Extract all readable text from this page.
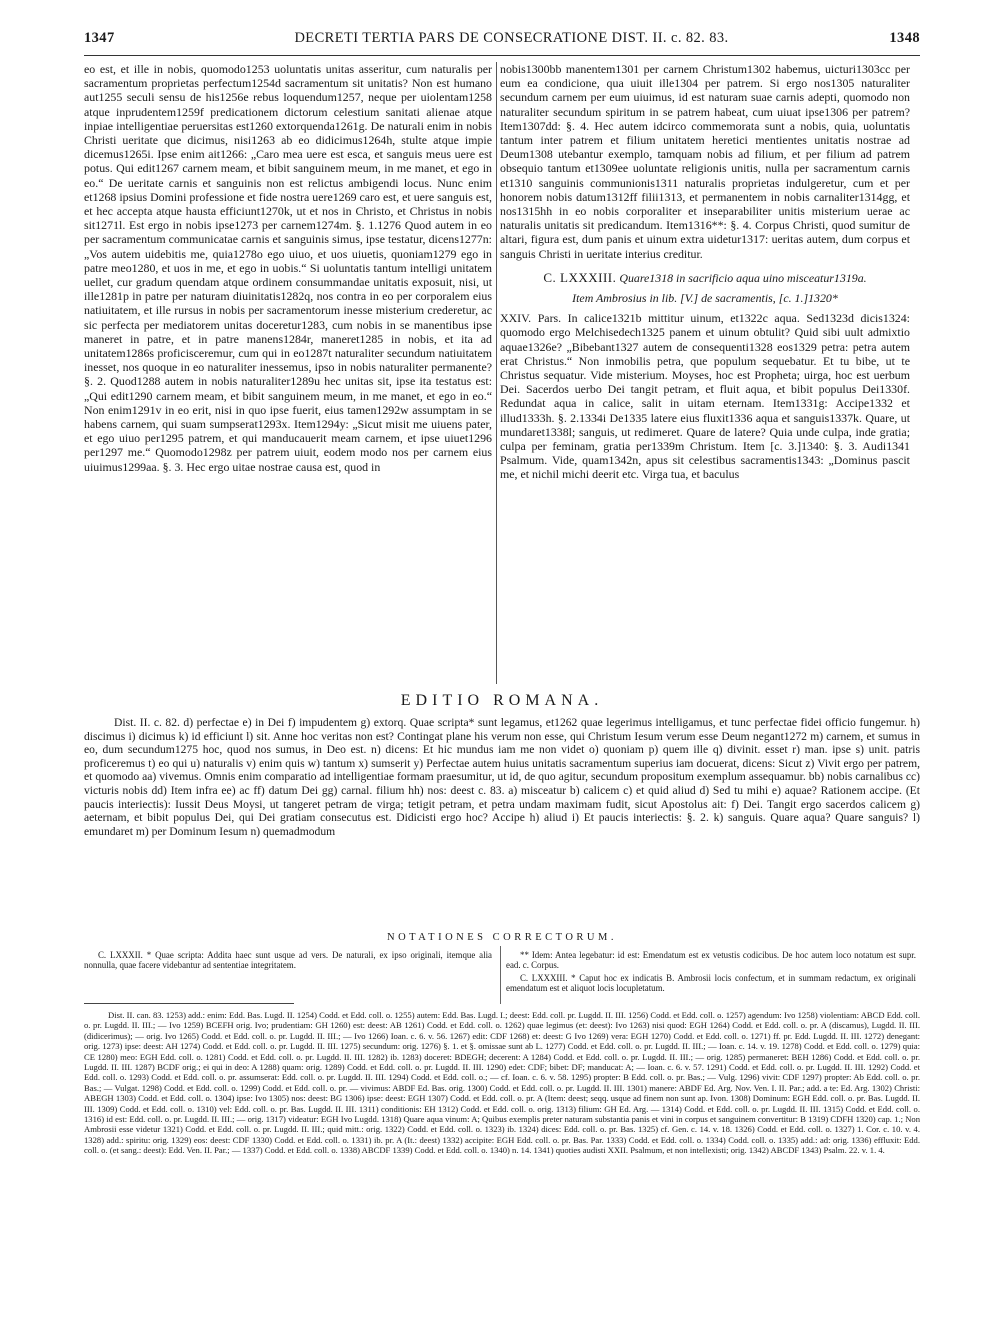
1347	DECRETI TERTIA PARS DE CONSECRATIONE DIST. II. c. 82. 83.	1348

eo est, et ille in nobis, quomodo1253 uoluntatis unitas asseritur, cum naturalis per sacramentum proprietas perfectum1254d sacramentum sit unitatis? Non est humano aut1255 seculi sensu de his1256e rebus loquendum1257, neque per uiolentam1258 atque inprudentem1259f predicationem dictorum celestium sanitati alienae atque inpiae intelligentiae peruersitas est1260 extorquenda1261g. De naturali enim in nobis Christi ueritate que dicimus, nisi1263 ab eo didicimus1264h, stulte atque impie dicemus1265i. Ipse enim ait1266: „Caro mea uere est esca, et sanguis meus uere est potus. Qui edit1267 carnem meam, et bibit sanguinem meum, in me manet, et ego in eo.“ De ueritate carnis et sanguinis non est relictus ambigendi locus. Nunc enim et1268 ipsius Domini professione et fide nostra uere1269 caro est, et uere sanguis est, et hec accepta atque hausta efficiunt1270k, ut et nos in Christo, et Christus in nobis sit1271l. Est ergo in nobis ipse1273 per carnem1274m. §. 1.1276 Quod autem in eo per sacramentum communicatae carnis et sanguinis simus, ipse testatur, dicens1277n: „Vos autem uidebitis me, quia1278o ego uiuo, et uos uiuetis, quoniam1279 ego in patre meo1280, et uos in me, et ego in uobis.“ Si uoluntatis tantum intelligi unitatem uellet, cur gradum quendam atque ordinem consummandae unitatis exposuit, nisi, ut ille1281p in patre per naturam diuinitatis1282q, nos contra in eo per corporalem eius natiuitatem, et ille rursus in nobis per sacramentorum inesse misterium crederetur, ac sic perfecta per mediatorem unitas doceretur1283, cum nobis in se manentibus ipse maneret in patre, et in patre manens1284r, maneret1285 in nobis, et ita ad unitatem1286s proficisceremur, cum qui in eo1287t naturaliter secundum natiuitatem inesset, nos quoque in eo naturaliter inessemus, ipso in nobis naturaliter permanente? §. 2. Quod1288 autem in nobis naturaliter1289u hec unitas sit, ipse ita testatus est: „Qui edit1290 carnem meam, et bibit sanguinem meum, in me manet, et ego in eo.“ Non enim1291v in eo erit, nisi in quo ipse fuerit, eius tamen1292w assumptam in se habens carnem, qui suam sumpserat1293x. Item1294y: „Sicut misit me uiuens pater, et ego uiuo per1295 patrem, et qui manducauerit meam carnem, et ipse uiuet1296 per1297 me.“ Quomodo1298z per patrem uiuit, eodem modo nos per carnem eius uiuimus1299aa. §. 3. Hec ergo uitae nostrae causa est, quod in

nobis1300bb manentem1301 per carnem Christum1302 habemus, uicturi1303cc per eum ea condicione, qua uiuit ille1304 per patrem. Si ergo nos1305 naturaliter secundum carnem per eum uiuimus, id est naturam suae carnis adepti, quomodo non naturaliter secundum spiritum in se patrem habeat, cum uiuat ipse1306 per patrem? Item1307dd: §. 4. Hec autem idcirco commemorata sunt a nobis, quia, uoluntatis tantum inter patrem et filium unitatem heretici mentientes unitatis nostrae ad Deum1308 utebantur exemplo, tamquam nobis ad filium, et per filium ad patrem obsequio tantum et1309ee uoluntate religionis unitis, nulla per sacramentum carnis et1310 sanguinis communionis1311 naturalis proprietas indulgeretur, cum et per honorem nobis datum1312ff filii1313, et permanentem in nobis carnaliter1314gg, et nos1315hh in eo nobis corporaliter et inseparabiliter unitis misterium uerae ac naturalis unitatis sit predicandum. Item1316**: §. 4. Corpus Christi, quod sumitur de altari, figura est, dum panis et uinum extra uidetur1317: ueritas autem, dum corpus et sanguis Christi in ueritate interius creditur.

C. LXXXIII. Quare1318 in sacrificio aqua uino misceatur1319a.

Item Ambrosius in lib. [V.] de sacramentis, [c. 1.]1320*

XXIV. Pars. In calice1321b mittitur uinum, et1322c aqua. Sed1323d dicis1324: quomodo ergo Melchisedech1325 panem et uinum obtulit? Quid sibi uult admixtio aquae1326e? „Bibebant1327 autem de consequenti1328 eos1329 petra: petra autem erat Christus.“ Non inmobilis petra, que populum sequebatur. Et tu bibe, ut te Christus sequatur. Vide misterium. Moyses, hoc est Propheta; uirga, hoc est uerbum Dei. Sacerdos uerbo Dei tangit petram, et fluit aqua, et bibit populus Dei1330f. Redundat aqua in calice, salit in uitam eternam. Item1331g: Accipe1332 et illud1333h. §. 2.1334i De1335 latere eius fluxit1336 aqua et sanguis1337k. Quare, ut mundaret1338l; sanguis, ut redimeret. Quare de latere? Quia unde culpa, inde gratia; culpa per feminam, gratia per1339m Christum. Item [c. 3.]1340: §. 3. Audi1341 Psalmum. Vide, quam1342n, apus sit celestibus sacramentis1343: „Dominus pascit me, et nichil michi deerit etc. Virga tua, et baculus

EDITIO ROMANA.

Dist. II. c. 82. d) perfectae e) in Dei f) impudentem g) extorq. Quae scripta* sunt legamus, et1262 quae legerimus intelligamus, et tunc perfectae fidei officio fungemur. h) discimus i) dicimus k) id efficiunt l) sit. Anne hoc veritas non est? Contingat plane his verum non esse, qui Christum Iesum verum esse Deum negant1272 m) carnem, et sumus in eo, dum secundum1275 hoc, quod nos sumus, in Deo est. n) dicens: Et hic mundus iam me non videt o) quoniam p) quem ille q) divinit. esset r) man. ipse s) unit. patris proficeremus t) eo qui u) naturalis v) enim quis w) tantum x) sumserit y) Perfectae autem huius unitatis sacramentum superius iam docuerat, dicens: Sicut z) Vivit ergo per patrem, et quomodo aa) vivemus. Omnis enim comparatio ad intelligentiae formam praesumitur, ut id, de quo agitur, secundum propositum exemplum assequamur. bb) nobis carnalibus cc) victuris nobis dd) Item infra ee) ac ff) datum Dei gg) carnal. filium hh) nos: deest c. 83. a) misceatur b) calicem c) et quid aliud d) Sed tu mihi e) aquae? Rationem accipe. (Et paucis interiectis): Iussit Deus Moysi, ut tangeret petram de virga; tetigit petram, et petra undam maximam fudit, sicut Apostolus ait: f) Dei. Tangit ergo sacerdos calicem g) aeternam, et bibit populus Dei, qui Dei gratiam consecutus est. Didicisti ergo hoc? Accipe h) aliud i) Et paucis interiectis: §. 2. k) sanguis. Quare aqua? Quare sanguis? l) emundaret m) per Dominum Iesum n) quemadmodum

NOTATIONES CORRECTORUM.

C. LXXXII. * Quae scripta: Addita haec sunt usque ad vers. De naturali, ex ipso originali, itemque alia nonnulla, quae facere videbantur ad sententiae integritatem.

** Idem: Antea legebatur: id est: Emendatum est ex vetustis codicibus. De hoc autem loco notatum est supr. ead. c. Corpus.

C. LXXXIII. * Caput hoc ex indicatis B. Ambrosii locis confectum, et in summam redactum, ex originali emendatum est et aliquot locis locupletatum.

Dist. II. can. 83. 1253) add.: enim: Edd. Bas. Lugd. II. 1254) Codd. et Edd. coll. o. 1255) autem: Edd. Bas. Lugd. I.; deest: Edd. coll. pr. Lugdd. II. III. 1256) Codd. et Edd. coll. o. 1257) agendum: Ivo 1258) violentiam: ABCD Edd. coll. o. pr. Lugdd. II. III.; — Ivo 1259) BCEFH orig. Ivo; prudentiam: GH 1260) est: deest: AB 1261) Codd. et Edd. coll. o. 1262) quae legimus (et: deest): Ivo 1263) nisi quod: EGH 1264) Codd. et Edd. coll. o. pr. A (discamus), Lugdd. II. III. (didicerimus); — orig. Ivo 1265) Codd. et Edd. coll. o. pr. Lugdd. II. III.; — Ivo 1266) Ioan. c. 6. v. 56. 1267) edit: CDF 1268) et: deest: G Ivo 1269) vera: EGH 1270) Codd. et Edd. coll. o. 1271) ff. pr. Edd. Lugdd. II. III. 1272) denegant: orig. 1273) ipse: deest: AH 1274) Codd. et Edd. coll. o. pr. Lugdd. II. III. 1275) secundum: orig. 1276) §. 1. et §. omissae sunt ab L. 1277) Codd. et Edd. coll. o. pr. Lugdd. II. III.; — Ioan. c. 14. v. 19. 1278) Codd. et Edd. coll. o. 1279) quia: CE 1280) meo: EGH Edd. coll. o. 1281) Codd. et Edd. coll. o. pr. Lugdd. II. III. 1282) ib. 1283) doceret: BDEGH; decerent: A 1284) Codd. et Edd. coll. o. pr. Lugdd. II. III.; — orig. 1285) permaneret: BEH 1286) Codd. et Edd. coll. o. pr. Lugdd. II. III. 1287) BCDF orig.; ei qui in deo: A 1288) quam: orig. 1289) Codd. et Edd. coll. o. pr. Lugdd. II. III. 1290) edet: CDF; bibet: DF; manducat: A; — Ioan. c. 6. v. 57. 1291) Codd. et Edd. coll. o. pr. Lugdd. II. III. 1292) Codd. et Edd. coll. o. 1293) Codd. et Edd. coll. o. pr. assumserat: Edd. coll. o. pr. Lugdd. II. III. 1294) Codd. et Edd. coll. o.; — cf. Ioan. c. 6. v. 58. 1295) propter: B Edd. coll. o. pr. Bas.; — Vulg. 1296) vivit: CDF 1297) propter: Ab Edd. coll. o. pr. Bas.; — Vulgat. 1298) Codd. et Edd. coll. o. 1299) Codd. et Edd. coll. o. pr. — vivimus: ABDF Ed. Bas. orig. 1300) Codd. et Edd. coll. o. pr. Lugdd. II. III. 1301) manere: ABDF Ed. Arg. Nov. Ven. I. II. Par.; add. a te: Ed. Arg. 1302) Christi: ABEGH 1303) Codd. et Edd. coll. o. 1304) ipse: Ivo 1305) nos: deest: BG 1306) ipse: deest: EGH 1307) Codd. et Edd. coll. o. pr. A (Item: deest; seqq. usque ad finem non sunt ap. Ivon. 1308) Dominum: EGH Edd. coll. o. pr. Bas. Lugdd. II. III. 1309) Codd. et Edd. coll. o. 1310) vel: Edd. coll. o. pr. Bas. Lugdd. II. III. 1311) conditionis: EH 1312) Codd. et Edd. coll. o. orig. 1313) filium: GH Ed. Arg. — 1314) Codd. et Edd. coll. o. pr. Lugdd. II. III. 1315) Codd. et Edd. coll. o. 1316) id est: Edd. coll. o. pr. Lugdd. II. III.; — orig. 1317) videatur: EGH Ivo Lugdd. 1318) Quare aqua vinum: A; Quibus exemplis preter naturam substantia panis et vini in corpus et sanguinem convertitur: B 1319) CDFH 1320) cap. 1.; Non Ambrosii esse videtur 1321) Codd. et Edd. coll. o. pr. Lugdd. II. III.; quid mitt.: orig. 1322) Codd. et Edd. coll. o. 1323) ib. 1324) dices: Edd. coll. o. pr. Bas. 1325) cf. Gen. c. 14. v. 18. 1326) Codd. et Edd. coll. o. 1327) 1. Cor. c. 10. v. 4. 1328) add.: spiritu: orig. 1329) eos: deest: CDF 1330) Codd. et Edd. coll. o. 1331) ib. pr. A (It.: deest) 1332) accipite: EGH Edd. coll. o. pr. Bas. Par. 1333) Codd. et Edd. coll. o. 1334) Codd. coll. o. 1335) add.: ad: orig. 1336) effluxit: Edd. coll. o. (et sang.: deest): Edd. Ven. II. Par.; — 1337) Codd. et Edd. coll. o. 1338) ABCDF 1339) Codd. et Edd. coll. o. 1340) n. 14. 1341) quoties audisti XXII. Psalmum, et non intellexisti; orig. 1342) ABCDF 1343) Psalm. 22. v. 1. 4.
